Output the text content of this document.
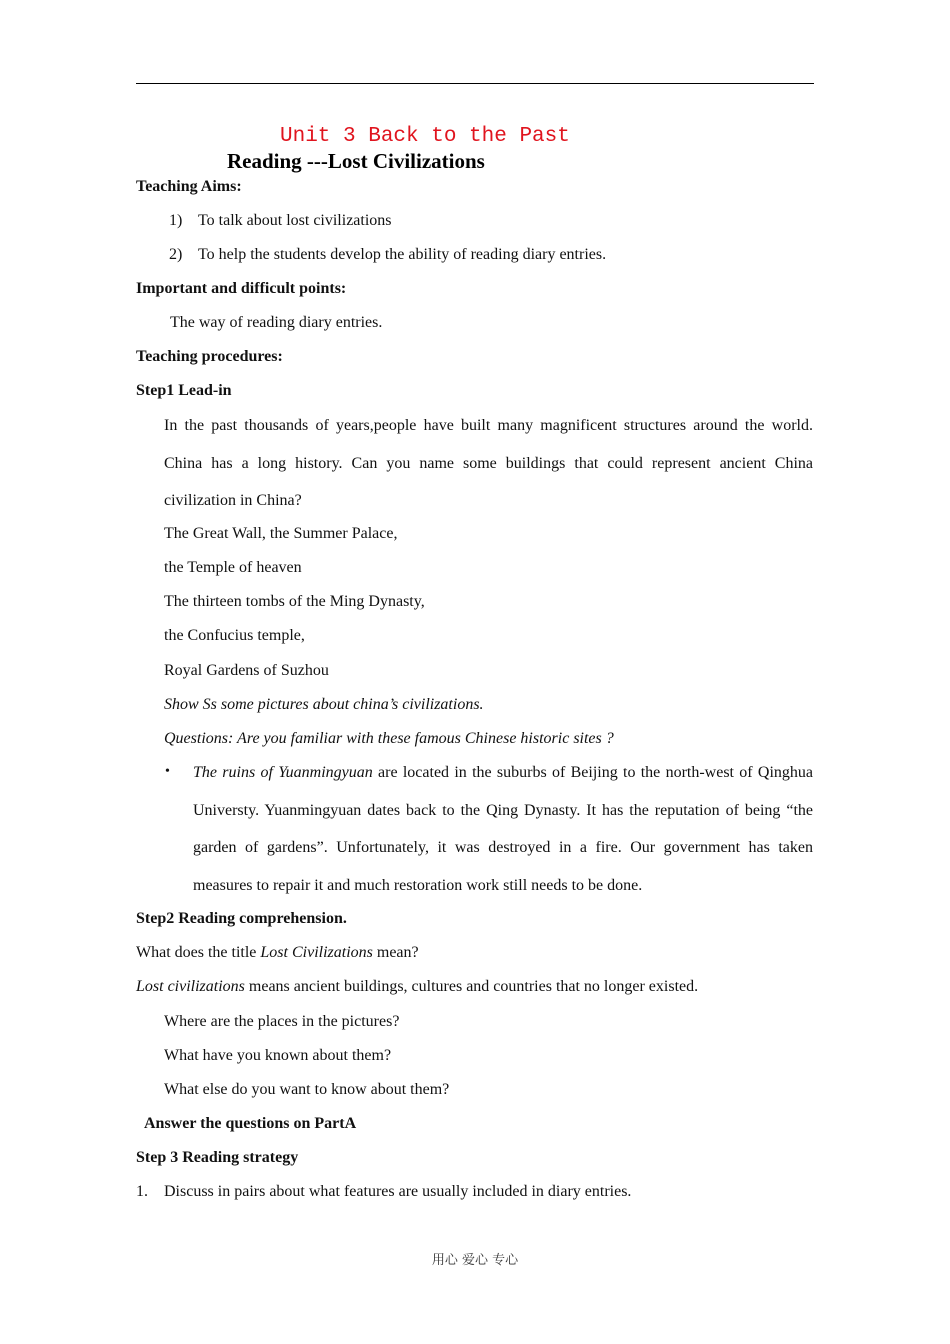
Unit 3 Back to the Past
Reading ---Lost Civilizations
Teaching Aims:
1) To talk about lost civilizations
2) To help the students develop the ability of reading diary entries.
Important and difficult points:
The way of reading diary entries.
Teaching procedures:
Step1 Lead-in
In the past thousands of years,people have built many magnificent structures around the world. China has a long history. Can you name some buildings that could represent ancient China civilization in China?
The Great Wall, the Summer Palace,
the Temple of heaven
The thirteen tombs of the Ming Dynasty,
the Confucius temple,
Royal Gardens of Suzhou
Show Ss some pictures about china’s civilizations.
Questions: Are you familiar with these famous Chinese historic sites ?
• The ruins of Yuanmingyuan are located in the suburbs of Beijing to the north-west of Qinghua Universty. Yuanmingyuan dates back to the Qing Dynasty. It has the reputation of being “the garden of gardens”. Unfortunately, it was destroyed in a fire. Our government has taken measures to repair it and much restoration work still needs to be done.
Step2 Reading comprehension.
What does the title Lost Civilizations mean?
Lost civilizations means ancient buildings, cultures and countries that no longer existed.
Where are the places in the pictures?
What have you known about them?
What else do you want to know about them?
Answer the questions on PartA
Step 3 Reading strategy
1. Discuss in pairs about what features are usually included in diary entries.
用心 爱心 专心
